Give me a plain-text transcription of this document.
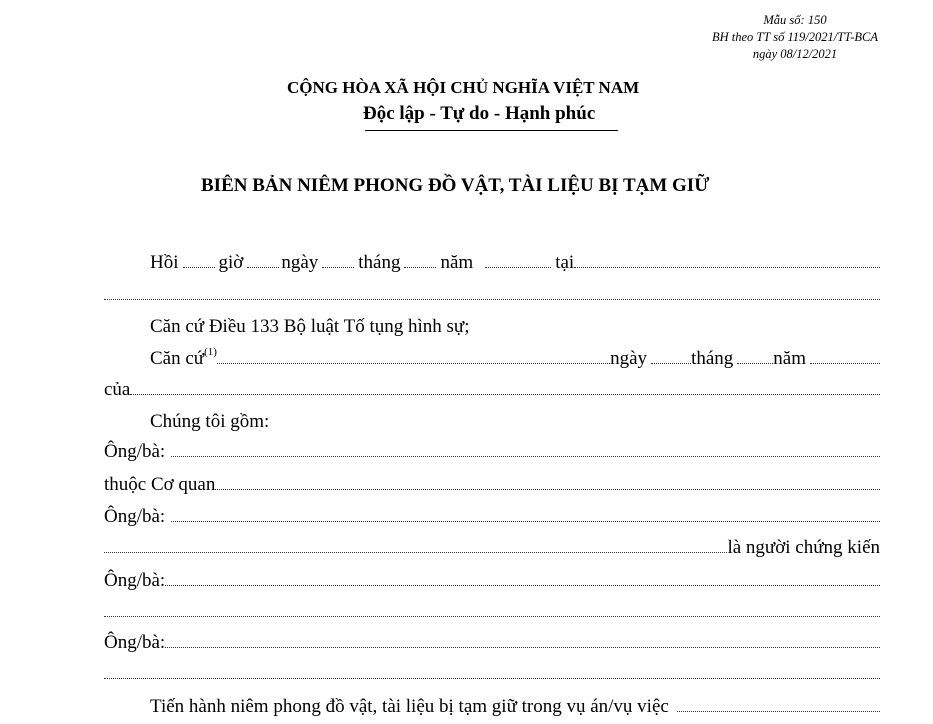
Mẫu số: 150
BH theo TT số 119/2021/TT-BCA
ngày 08/12/2021
CỘNG HÒA XÃ HỘI CHỦ NGHĨA VIỆT NAM
Độc lập - Tự do - Hạnh phúc
BIÊN BẢN NIÊM PHONG ĐỒ VẬT, TÀI LIỆU BỊ TẠM GIỮ
Hồi giờ ngày tháng năm	tại
Căn cứ Điều 133 Bộ luật Tố tụng hình sự;
Căn cứ$^{(1)}$	ngày tháng năm
của
Chúng tôi gồm:
Ông/bà:
thuộc Cơ quan
Ông/bà:
là người chứng kiến
Ông/bà:
Ông/bà:
Tiến hành niêm phong đồ vật, tài liệu bị tạm giữ trong vụ án/vụ việc
